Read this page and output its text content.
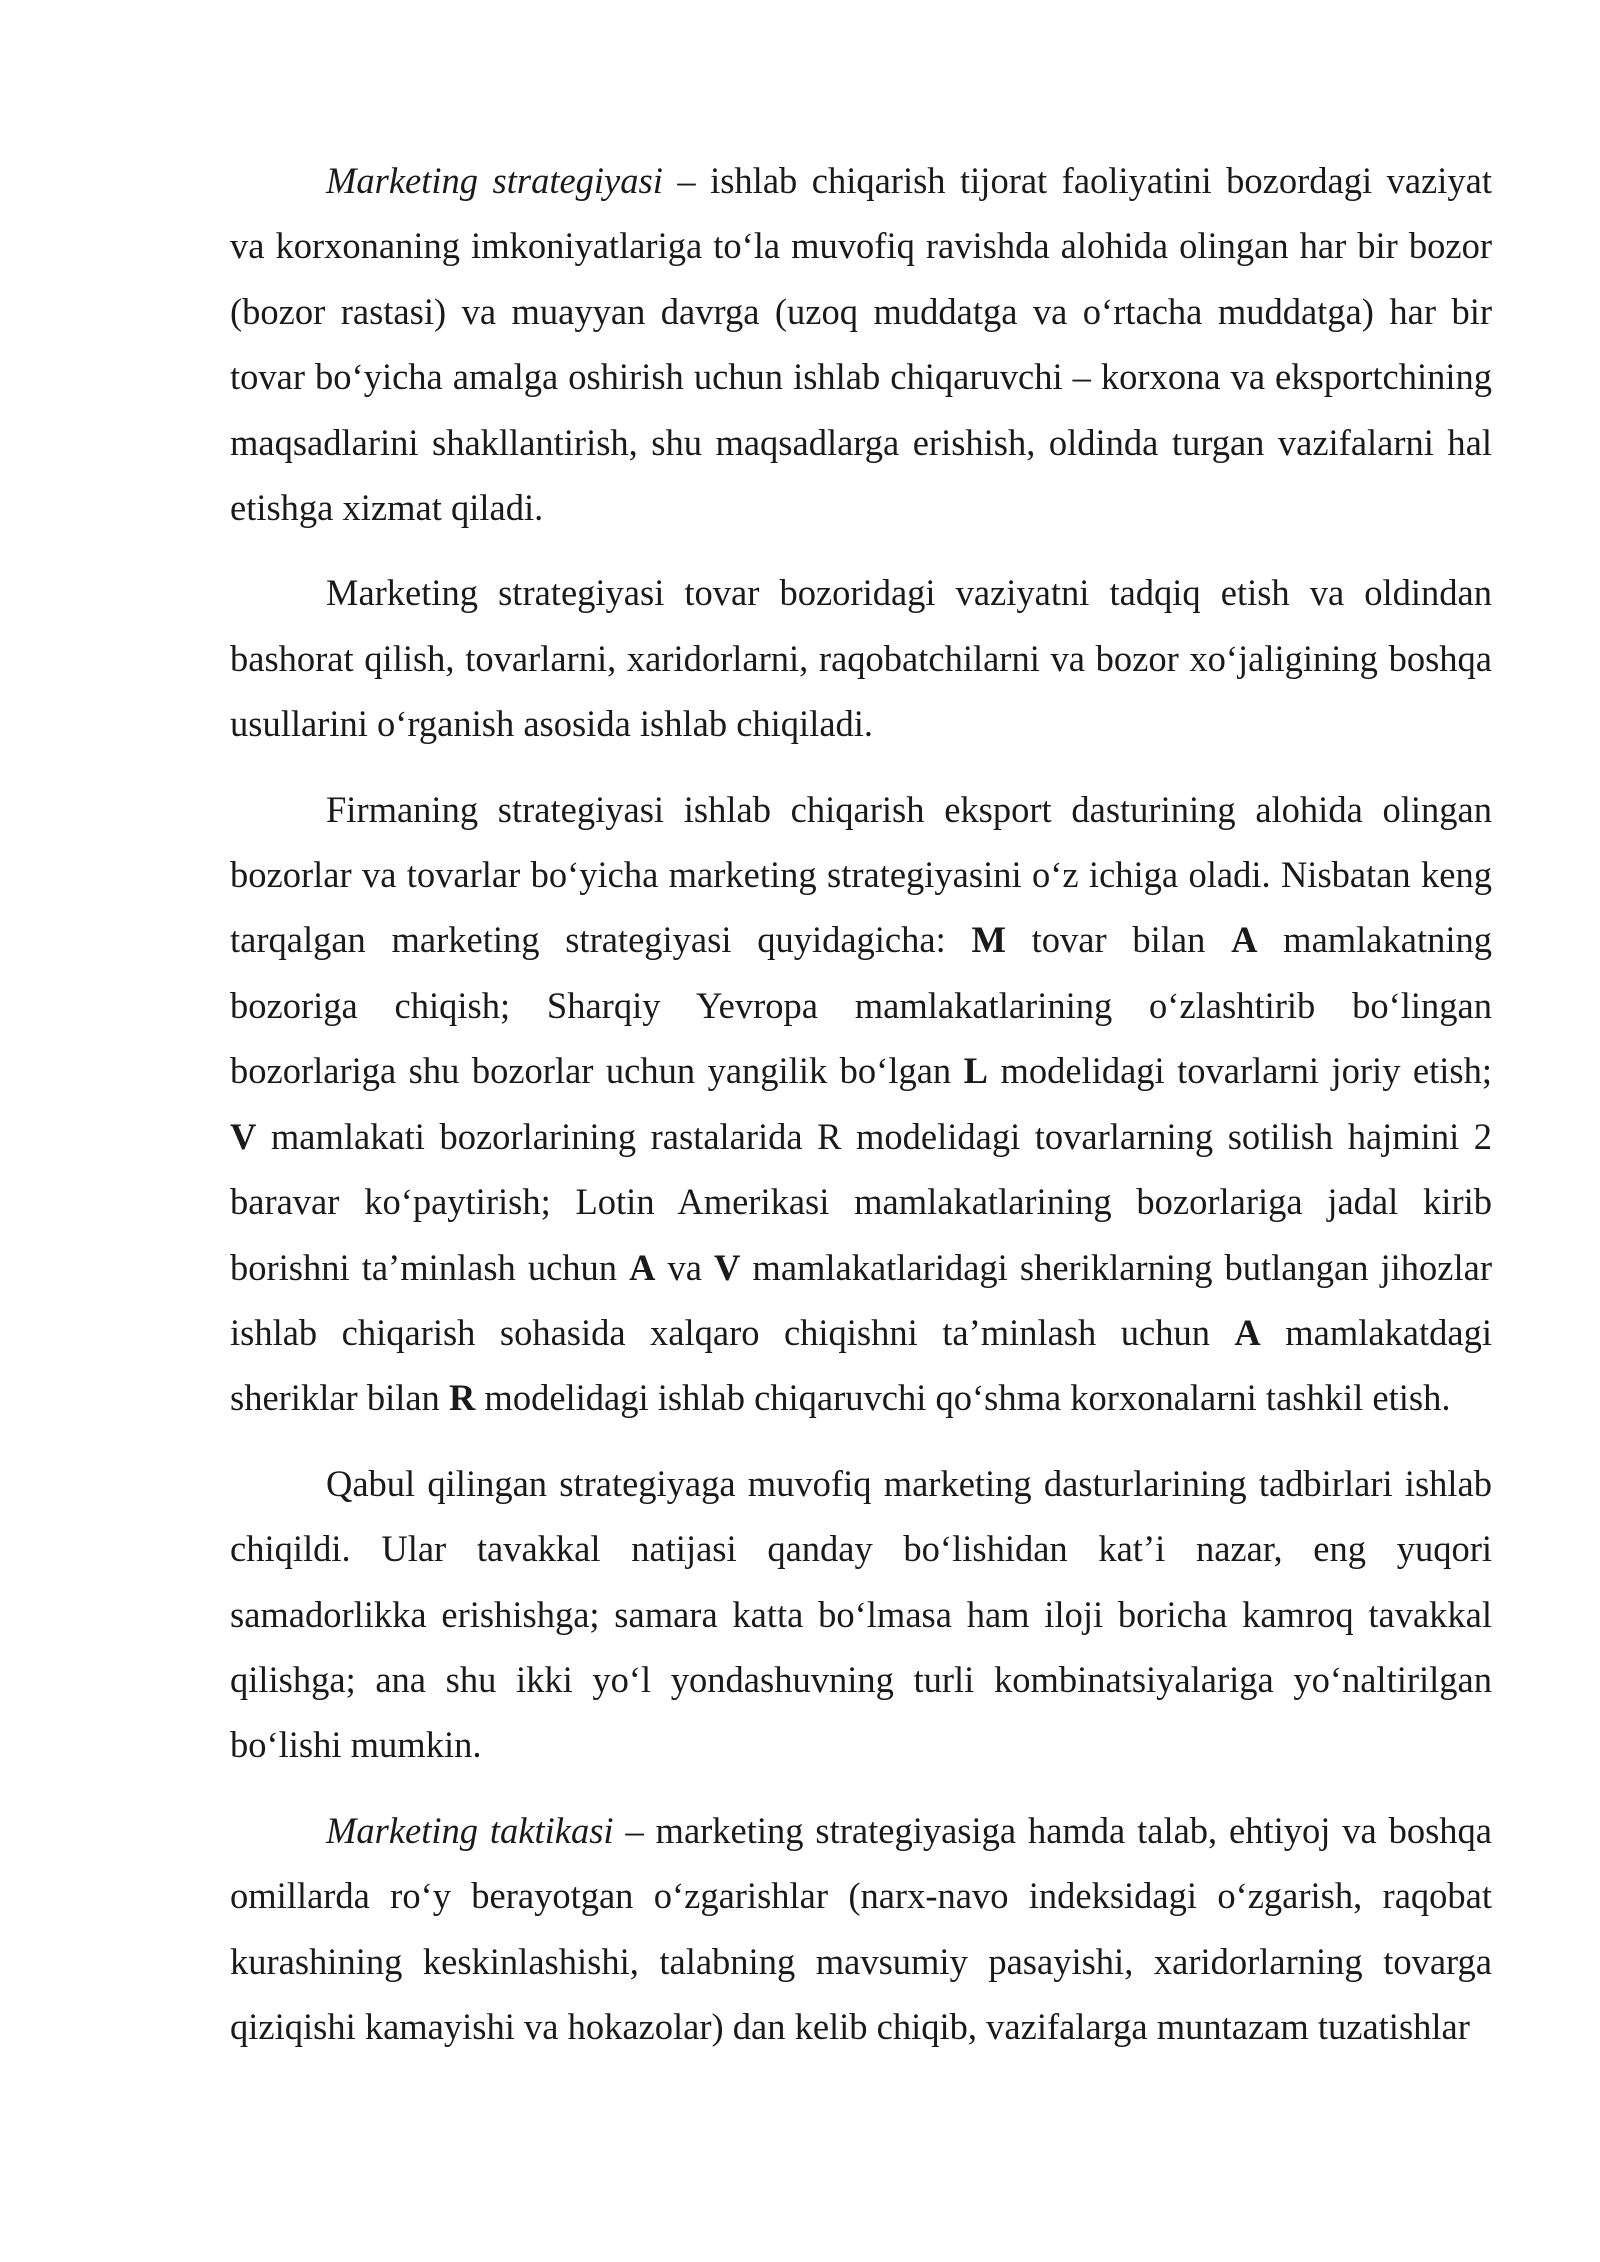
Marketing strategiyasi – ishlab chiqarish tijorat faoliyatini bozordagi vaziyat va korxonaning imkoniyatlariga to‘la muvofiq ravishda alohida olingan har bir bozor (bozor rastasi) va muayyan davrga (uzoq muddatga va o‘rtacha muddatga) har bir tovar bo‘yicha amalga oshirish uchun ishlab chiqaruvchi – korxona va eksportchining maqsadlarini shakllantirish, shu maqsadlarga erishish, oldinda turgan vazifalarni hal etishga xizmat qiladi.

Marketing strategiyasi tovar bozoridagi vaziyatni tadqiq etish va oldindan bashorat qilish, tovarlarni, xaridorlarni, raqobatchilarni va bozor xo‘jaligining boshqa usullarini o‘rganish asosida ishlab chiqiladi.

Firmaning strategiyasi ishlab chiqarish eksport dasturining alohida olingan bozorlar va tovarlar bo‘yicha marketing strategiyasini o‘z ichiga oladi. Nisbatan keng tarqalgan marketing strategiyasi quyidagicha: M tovar bilan A mamlakatning bozoriga chiqish; Sharqiy Yevropa mamlakatlarining o‘zlashtirib bo‘lingan bozorlariga shu bozorlar uchun yangilik bo‘lgan L modelidagi tovarlarni joriy etish; V mamlakati bozorlarining rastalarida R modelidagi tovarlarning sotilish hajmini 2 baravar ko‘paytirish; Lotin Amerikasi mamlakatlarining bozorlariga jadal kirib borishni ta’minlash uchun A va V mamlakatlaridagi sheriklarning butlangan jihozlar ishlab chiqarish sohasida xalqaro chiqishni ta’minlash uchun A mamlakatdagi sheriklar bilan R modelidagi ishlab chiqaruvchi qo‘shma korxonalarni tashkil etish.

Qabul qilingan strategiyaga muvofiq marketing dasturlarining tadbirlari ishlab chiqildi. Ular tavakkal natijasi qanday bo‘lishidan kat’i nazar, eng yuqori samadorlikka erishishga; samara katta bo‘lmasa ham iloji boricha kamroq tavakkal qilishga; ana shu ikki yo‘l yondashuvning turli kombinatsiyalariga yo‘naltirilgan bo‘lishi mumkin.

Marketing taktikasi – marketing strategiyasiga hamda talab, ehtiyoj va boshqa omillarda ro‘y berayotgan o‘zgarishlar (narx-navo indeksidagi o‘zgarish, raqobat kurashining keskinlashishi, talabning mavsumiy pasayishi, xaridorlarning tovarga qiziqishi kamayishi va hokazolar) dan kelib chiqib, vazifalarga muntazam tuzatishlar
